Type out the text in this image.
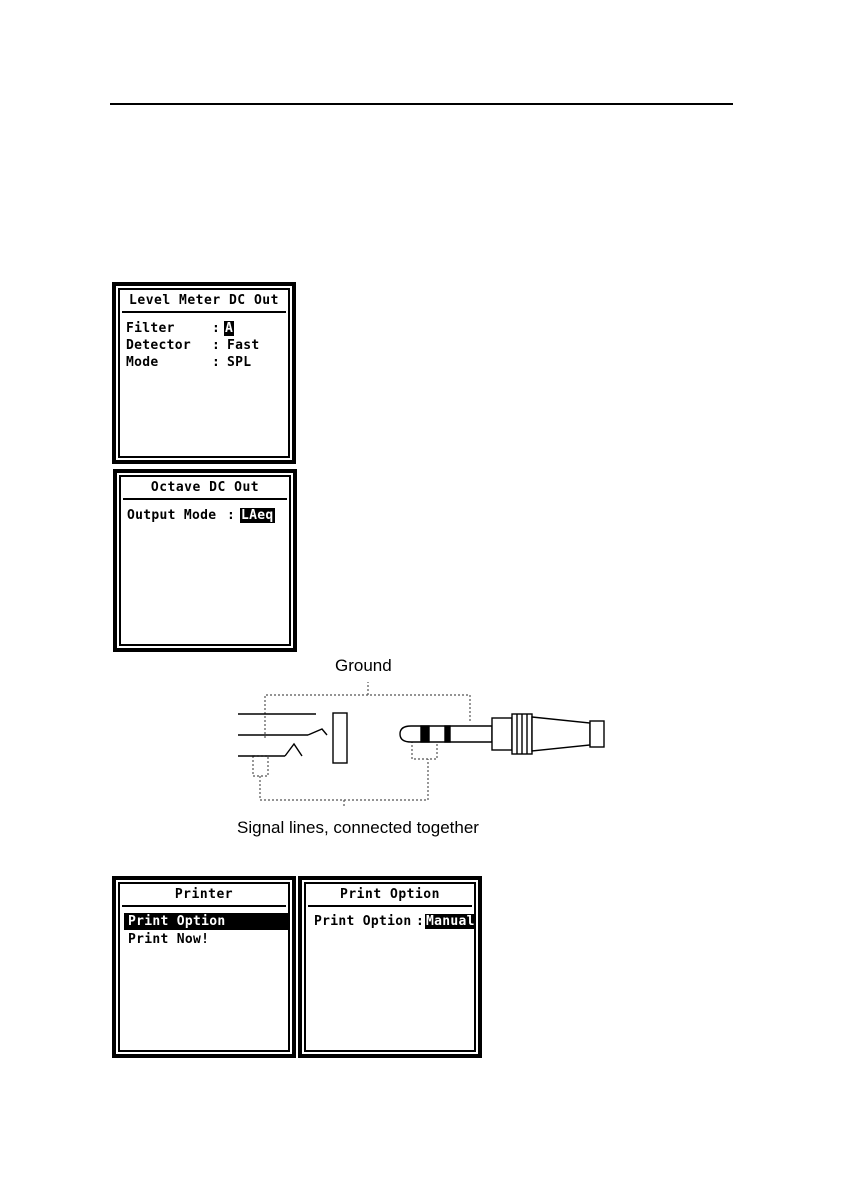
Level Meter DC Out
Filter	: A
Detector : Fast
Mode	: SPL
Octave DC Out
Output Mode : LAeq
Ground
Signal lines, connected together
Printer
Print Option
Print Now!
Print Option
Print Option : Manual
